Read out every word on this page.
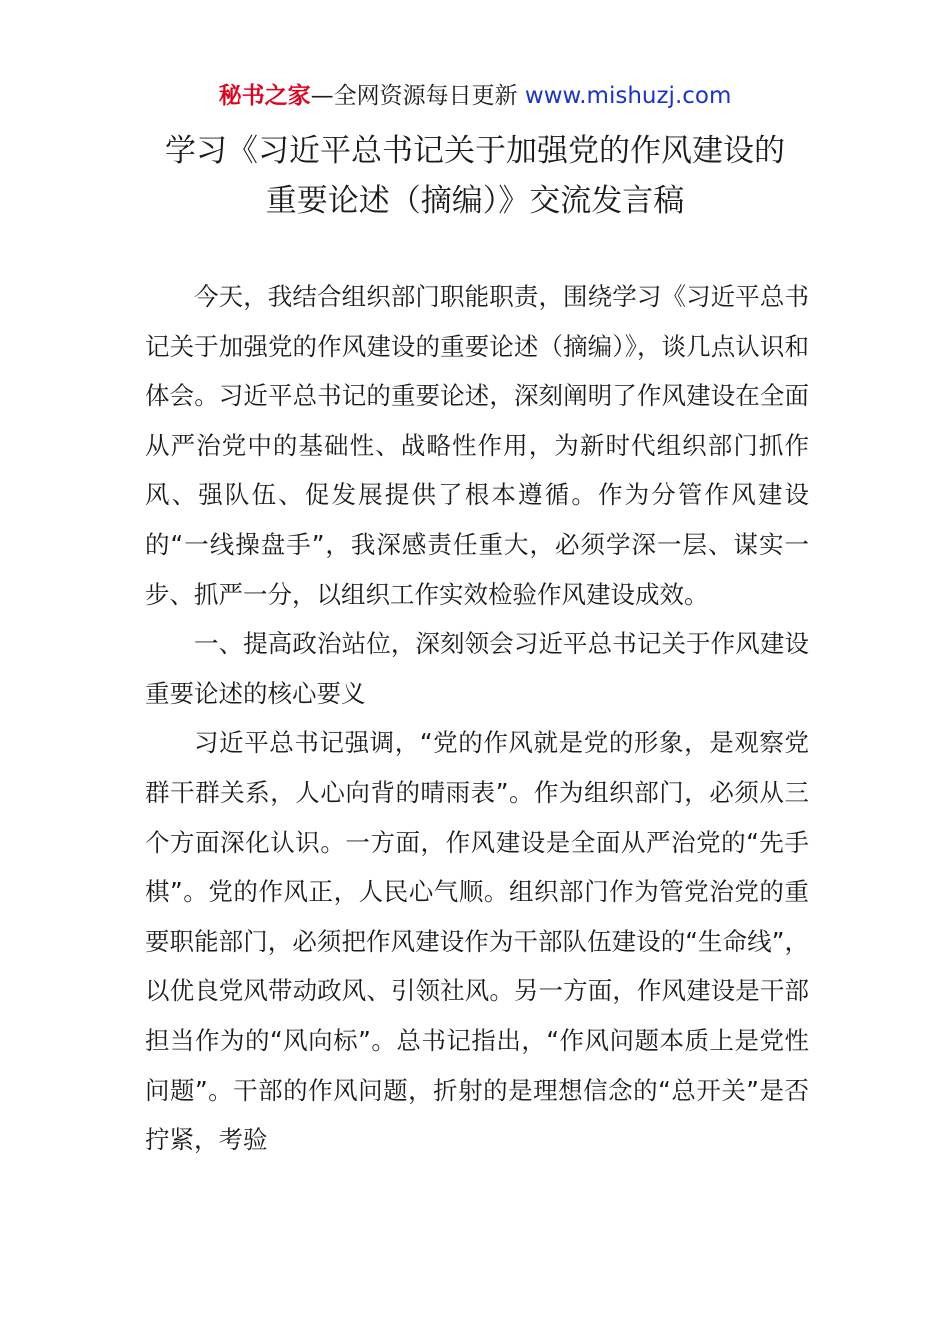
秘书之家—全网资源每日更新 www.mishuzj.com
学习《习近平总书记关于加强党的作风建设的
重要论述（摘编）》交流发言稿

今天，我结合组织部门职能职责，围绕学习《习近平总书记关于加强党的作风建设的重要论述（摘编）》，谈几点认识和体会。习近平总书记的重要论述，深刻阐明了作风建设在全面从严治党中的基础性、战略性作用，为新时代组织部门抓作风、强队伍、促发展提供了根本遵循。作为分管作风建设的“一线操盘手”，我深感责任重大，必须学深一层、谋实一步、抓严一分，以组织工作实效检验作风建设成效。

一、提高政治站位，深刻领会习近平总书记关于作风建设重要论述的核心要义

习近平总书记强调，“党的作风就是党的形象，是观察党群干群关系，人心向背的晴雨表”。作为组织部门，必须从三个方面深化认识。一方面，作风建设是全面从严治党的“先手棋”。党的作风正，人民心气顺。组织部门作为管党治党的重要职能部门，必须把作风建设作为干部队伍建设的“生命线”，以优良党风带动政风、引领社风。另一方面，作风建设是干部担当作为的“风向标”。总书记指出，“作风问题本质上是党性问题”。干部的作风问题，折射的是理想信念的“总开关”是否拧紧，考验
